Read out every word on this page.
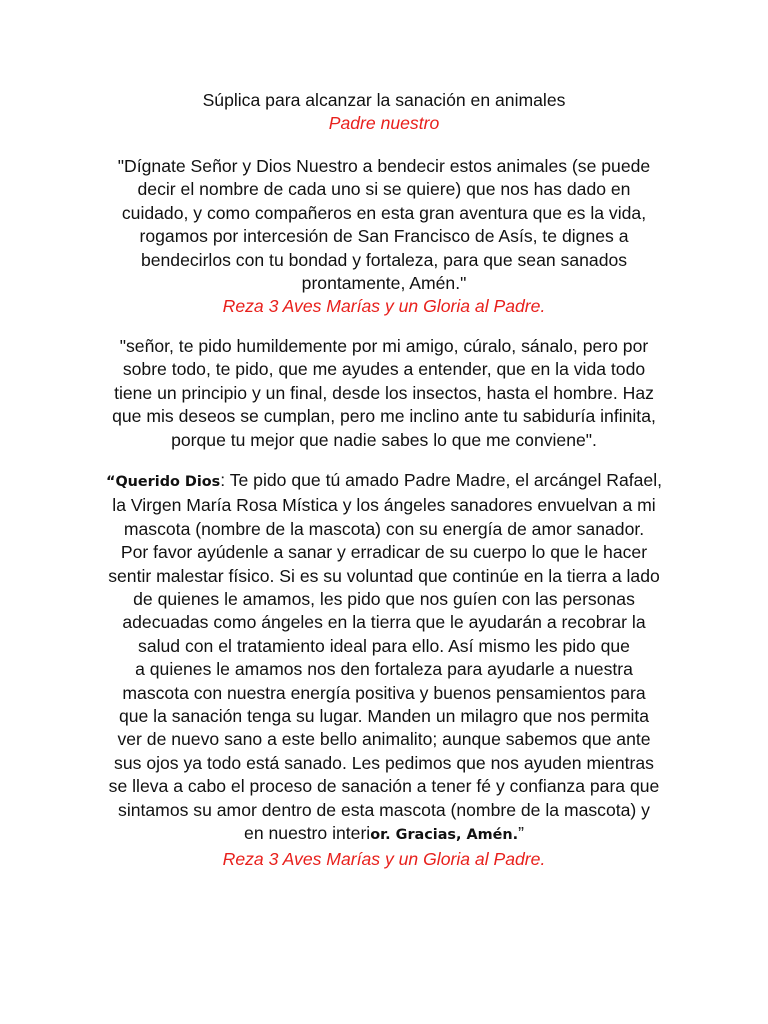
Súplica para alcanzar la sanación en animales
Padre nuestro
"Dígnate Señor y Dios Nuestro a bendecir estos animales (se puede
decir el nombre de cada uno si se quiere) que nos has dado en
cuidado, y como compañeros en esta gran aventura que es la vida,
rogamos por intercesión de San Francisco de Asís, te dignes a
bendecirlos con tu bondad y fortaleza, para que sean sanados
prontamente, Amén."
Reza 3 Aves Marías y un Gloria al Padre.
"señor, te pido humildemente por mi amigo, cúralo, sánalo, pero por
sobre todo, te pido, que me ayudes a entender, que en la vida todo
tiene un principio y un final, desde los insectos, hasta el hombre. Haz
que mis deseos se cumplan, pero me inclino ante tu sabiduría infinita,
porque tu mejor que nadie sabes lo que me conviene".
“Querido Dios: Te pido que tú amado Padre Madre, el arcángel Rafael,
la Virgen María Rosa Mística y los ángeles sanadores envuelvan a mi
mascota (nombre de la mascota) con su energía de amor sanador.
Por favor ayúdenle a sanar y erradicar de su cuerpo lo que le hacer
sentir malestar físico. Si es su voluntad que continúe en la tierra a lado
de quienes le amamos, les pido que nos guíen con las personas
adecuadas como ángeles en la tierra que le ayudarán a recobrar la
salud con el tratamiento ideal para ello. Así mismo les pido que
a quienes le amamos nos den fortaleza para ayudarle a nuestra
mascota con nuestra energía positiva y buenos pensamientos para
que la sanación tenga su lugar. Manden un milagro que nos permita
ver de nuevo sano a este bello animalito; aunque sabemos que ante
sus ojos ya todo está sanado. Les pedimos que nos ayuden mientras
se lleva a cabo el proceso de sanación a tener fé y confianza para que
sintamos su amor dentro de esta mascota (nombre de la mascota) y
en nuestro interior. Gracias, Amén.”
Reza 3 Aves Marías y un Gloria al Padre.
